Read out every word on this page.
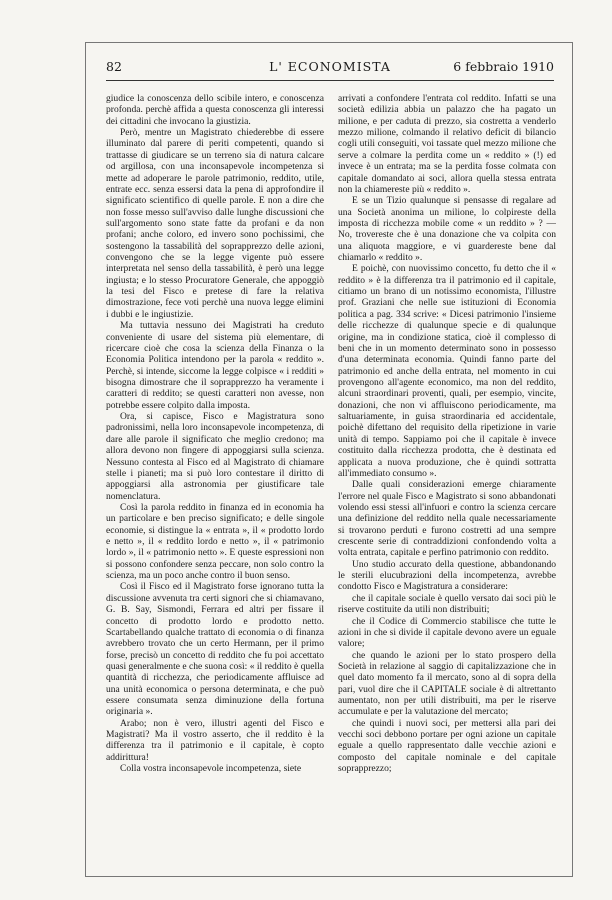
82	L' ECONOMISTA	6 febbraio 1910

giudice la conoscenza dello scibile intero, e conoscenza profonda. perchè affida a questa conoscenza gli interessi dei cittadini che invocano la giustizia.

Però, mentre un Magistrato chiederebbe di essere illuminato dal parere di periti competenti, quando si trattasse di giudicare se un terreno sia di natura calcare od argillosa, con una inconsapevole incompetenza si mette ad adoperare le parole patrimonio, reddito, utile, entrate ecc. senza essersi data la pena di approfondire il significato scientifico di quelle parole. E non a dire che non fosse messo sull'avviso dalle lunghe discussioni che sull'argomento sono state fatte da profani e da non profani; anche coloro, ed invero sono pochissimi, che sostengono la tassabilità del soprapprezzo delle azioni, convengono che se la legge vigente può essere interpretata nel senso della tassabilità, è però una legge ingiusta; e lo stesso Procuratore Generale, che appoggiò la tesi del Fisco e pretese di fare la relativa dimostrazione, fece voti perchè una nuova legge elimini i dubbi e le ingiustizie.

Ma tuttavia nessuno dei Magistrati ha creduto conveniente di usare del sistema più elementare, di ricercare cioè che cosa la scienza della Finanza o la Economia Politica intendono per la parola « reddito ». Perchè, si intende, siccome la legge colpisce « i redditi » bisogna dimostrare che il soprapprezzo ha veramente i caratteri di reddito; se questi caratteri non avesse, non potrebbe essere colpito dalla imposta.

Ora, si capisce, Fisco e Magistratura sono padronissimi, nella loro inconsapevole incompetenza, di dare alle parole il significato che meglio credono; ma allora devono non fingere di appoggiarsi sulla scienza. Nessuno contesta al Fisco ed al Magistrato di chiamare stelle i pianeti; ma si può loro contestare il diritto di appoggiarsi alla astronomia per giustificare tale nomenclatura.

Così la parola reddito in finanza ed in economia ha un particolare e ben preciso significato; e delle singole economie, si distingue la « entrata », il « prodotto lordo e netto », il « reddito lordo e netto », il « patrimonio lordo », il « patrimonio netto ». E queste espressioni non si possono confondere senza peccare, non solo contro la scienza, ma un poco anche contro il buon senso.

Così il Fisco ed il Magistrato forse ignorano tutta la discussione avvenuta tra certi signori che si chiamavano, G. B. Say, Sismondi, Ferrara ed altri per fissare il concetto di prodotto lordo e prodotto netto. Scartabellando qualche trattato di economia o di finanza avrebbero trovato che un certo Hermann, per il primo forse, precisò un concetto di reddito che fu poi accettato quasi generalmente e che suona così: « il reddito è quella quantità di ricchezza, che periodicamente affluisce ad una unità economica o persona determinata, e che può essere consumata senza diminuzione della fortuna originaria ».

Arabo; non è vero, illustri agenti del Fisco e Magistrati? Ma il vostro asserto, che il reddito è la differenza tra il patrimonio e il capitale, è copto addirittura!

Colla vostra inconsapevole incompetenza, siete

arrivati a confondere l'entrata col reddito. Infatti se una società edilizia abbia un palazzo che ha pagato un milione, e per caduta di prezzo, sia costretta a venderlo mezzo milione, colmando il relativo deficit di bilancio cogli utili conseguiti, voi tassate quel mezzo milione che serve a colmare la perdita come un « reddito » (!) ed invece è un entrata; ma se la perdita fosse colmata con capitale domandato ai soci, allora quella stessa entrata non la chiamereste più « reddito ».

E se un Tizio qualunque si pensasse di regalare ad una Società anonima un milione, lo colpireste della imposta di ricchezza mobile come « un reddito » ? — No, trovereste che è una donazione che va colpita con una aliquota maggiore, e vi guardereste bene dal chiamarlo « reddito ».

E poichè, con nuovissimo concetto, fu detto che il « reddito » è la differenza tra il patrimonio ed il capitale, citiamo un brano di un notissimo economista, l'illustre prof. Graziani che nelle sue istituzioni di Economia politica a pag. 334 scrive: « Dicesi patrimonio l'insieme delle ricchezze di qualunque specie e di qualunque origine, ma in condizione statica, cioè il complesso di beni che in un momento determinato sono in possesso d'una determinata economia. Quindi fanno parte del patrimonio ed anche della entrata, nel momento in cui provengono all'agente economico, ma non del reddito, alcuni straordinari proventi, quali, per esempio, vincite, donazioni, che non vi affluiscono periodicamente, ma saltuariamente, in guisa straordinaria ed accidentale, poichè difettano del requisito della ripetizione in varie unità di tempo. Sappiamo poi che il capitale è invece costituito dalla ricchezza prodotta, che è destinata ed applicata a nuova produzione, che è quindi sottratta all'immediato consumo ».

Dalle quali considerazioni emerge chiaramente l'errore nel quale Fisco e Magistrato si sono abbandonati volendo essi stessi all'infuori e contro la scienza cercare una definizione del reddito nella quale necessariamente si trovarono perduti e furono costretti ad una sempre crescente serie di contraddizioni confondendo volta a volta entrata, capitale e perfino patrimonio con reddito.

Uno studio accurato della questione, abbandonando le sterili elucubrazioni della incompetenza, avrebbe condotto Fisco e Magistratura a considerare:

che il capitale sociale è quello versato dai soci più le riserve costituite da utili non distribuiti;

che il Codice di Commercio stabilisce che tutte le azioni in che si divide il capitale devono avere un eguale valore;

che quando le azioni per lo stato prospero della Società in relazione al saggio di capitalizzazione che in quel dato momento fa il mercato, sono al di sopra della pari, vuol dire che il CAPITALE sociale è di altrettanto aumentato, non per utili distribuiti, ma per le riserve accumulate e per la valutazione del mercato;

che quindi i nuovi soci, per mettersi alla pari dei vecchi soci debbono portare per ogni azione un capitale eguale a quello rappresentato dalle vecchie azioni e composto del capitale nominale e del capitale soprapprezzo;
